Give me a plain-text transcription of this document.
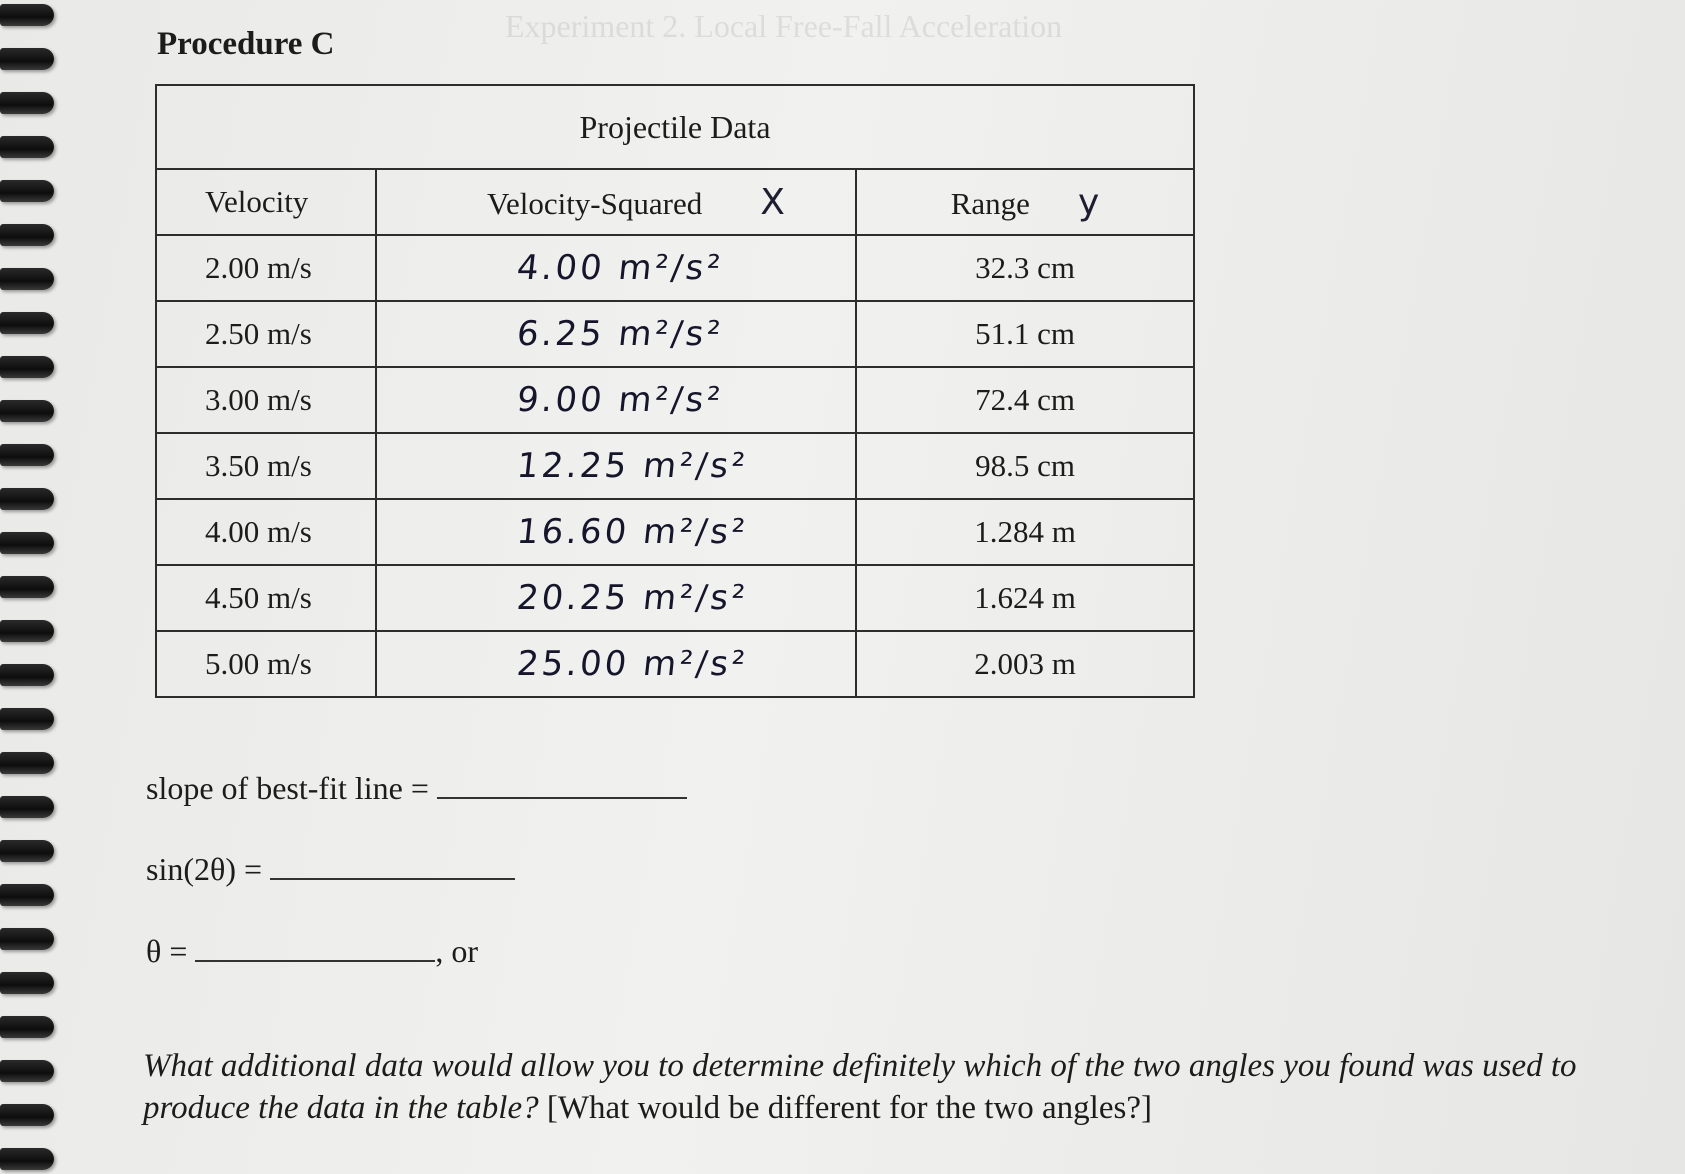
Experiment 2. Local Free-Fall Acceleration
Procedure C
Projectile Data		
Velocity	Velocity-Squared X	Range y
2.00 m/s	4.00 m²/s²	32.3 cm
2.50 m/s	6.25 m²/s²	51.1 cm
3.00 m/s	9.00 m²/s²	72.4 cm
3.50 m/s	12.25 m²/s²	98.5 cm
4.00 m/s	16.60 m²/s²	1.284 m
4.50 m/s	20.25 m²/s²	1.624 m
5.00 m/s	25.00 m²/s²	2.003 m
slope of best-fit line =
sin(2θ) =
θ =	, or
What additional data would allow you to determine definitely which of the two angles you found was used to produce the data in the table? [What would be different for the two angles?]
